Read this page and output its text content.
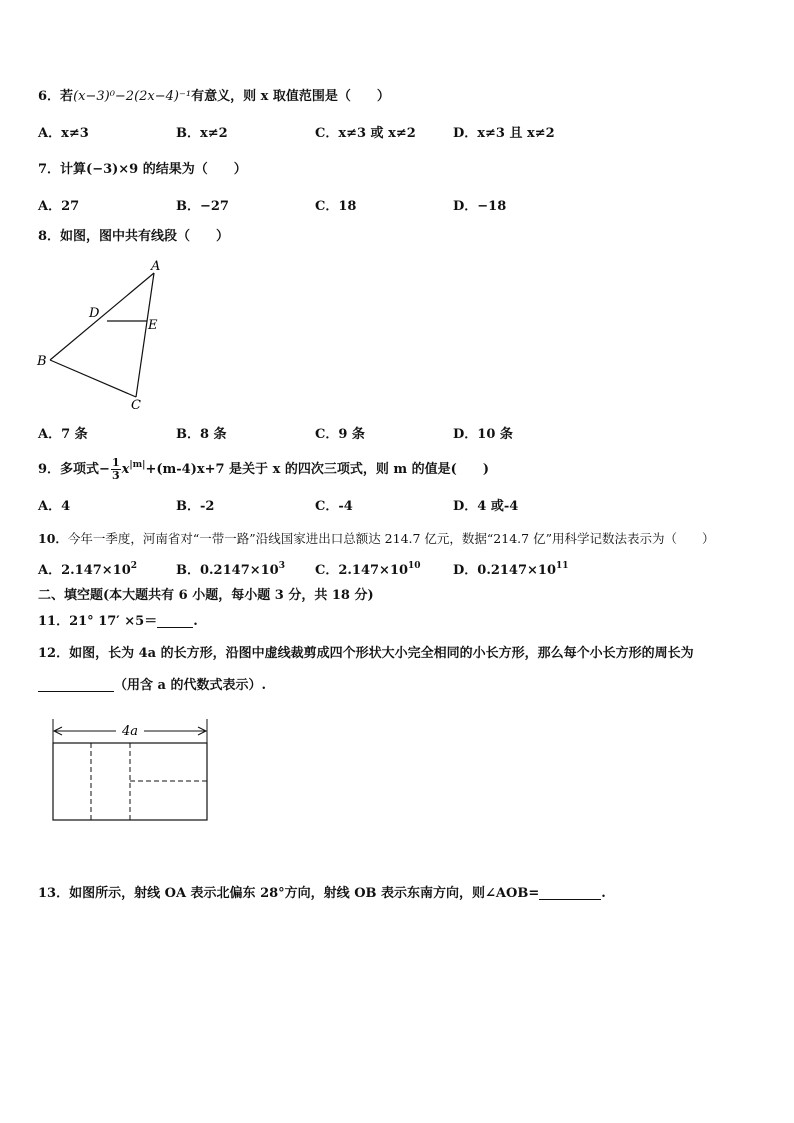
6．若(x−3)⁰−2(2x−4)⁻¹有意义，则 x 取值范围是（　　）
A．x≠3	B．x≠2	C．x≠3 或 x≠2	D．x≠3 且 x≠2
7．计算(−3)×9 的结果为（　　）
A．27	B．−27	C．18	D．−18
8．如图，图中共有线段（　　）
A
D
E
B
C
A．7 条	B．8 条	C．9 条	D．10 条
9．多项式− $\frac{1}{3} x^{|m|}+(m-4)x+7$ 是关于 x 的四次三项式，则 m 的值是(　　)
A．4	B．-2	C．-4	D．4 或-4
10．今年一季度，河南省对“一带一路”沿线国家进出口总额达 214.7 亿元，数据“214.7 亿”用科学记数法表示为（　　）
A．$2.147\times 10^2$	B．$0.2147\times 10^3$ C．$2.147\times 10^{10}$ D．$0.2147\times 10^{11}$
二、填空题(本大题共有 6 小题，每小题 3 分，共 18 分)
11．21° 17′ ×5＝	.
12．如图，长为 4a 的长方形，沿图中虚线裁剪成四个形状大小完全相同的小长方形，那么每个小长方形的周长为
（用含 a 的代数式表示）.
4a
13．如图所示，射线 OA 表示北偏东 28°方向，射线 OB 表示东南方向，则∠AOB=	.
